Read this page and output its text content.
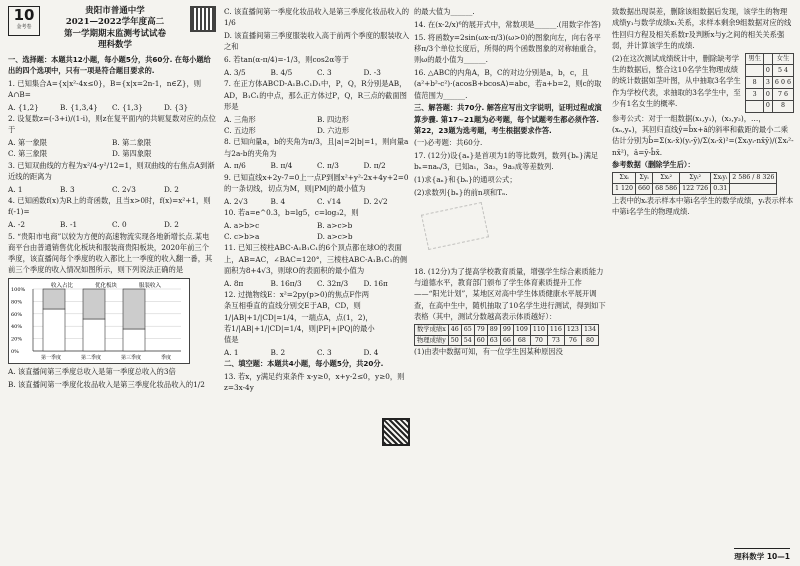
10
金考卷
贵阳市普通中学
2021—2022学年度高二
第一学期期末监测考试试卷
理科数学

一、选择题：本题共12小题，每小题5分，共60分. 在每小题给出的四个选项中，只有一项是符合题目要求的.

1. 已知集合A={x|x²-4x≤0}，B={x|x=2n-1，n∈Z}，则A∩B=

A. {1,2}	B. {1,3,4}	C. {1,3}	D. {3}

2. 设复数z=(-3+i)/(1-i)，则z在复平面内的共轭复数对应的点位于

A. 第一象限	B. 第二象限
C. 第三象限	D. 第四象限

3. 已知双曲线的方程为x²/4-y²/12=1，则双曲线的右焦点A到渐近线的距离为

A. 1	B. 3	C. 2√3	D. 2

4. 已知函数f(x)为R上的奇函数，且当x>0时，f(x)=x²+1，则f(-1)=

A. -2	B. -1	C. 0	D. 2

5. “贵阳市电商”以较为方便的高速物流实现各地新增长点.某电商平台由普通销售优化板块和服装商贵阳板块，2020年前三个季度，该直播间每个季度的收入都比上一季度的收入翻一番，其前三个季度的收入情况如图所示，则下列说法正确的是

100%
80%
60%
40%
20%
0%
收入占比	优化板块	服装收入
第一季度	第二季度	第三季度	季度

A. 该直播间第三季度总收入是第一季度总收入的3倍

B. 该直播间第一季度化妆品收入是第三季度化妆品收入的1/2

C. 该直播间第一季度化妆品收入是第三季度化妆品收入的1/6

D. 该直播间第三季度服装收入高于前两个季度的服装收入之和

6. 若tan(α-π/4)=-1/3，则cos2α等于

A. 3/5	B. 4/5	C. 3	D. -3

7. 在正方体ABCD-A₁B₁C₁D₁中，P，Q，R分别是AB，AD，B₁C₁的中点，那么正方体过P，Q，R三点的截面图形是

A. 三角形	B. 四边形
C. 五边形	D. 六边形

8. 已知向量a，b的夹角为π/3，且|a|=2|b|=1，则向量a与2a-b的夹角为

A. π/6	B. π/4	C. π/3	D. π/2

9. 已知直线x+2y-7=0上一点P到圆x²+y²-2x+4y+2=0的一条切线，切点为M，则|PM|的最小值为

A. 2√3	B. 4	C. √14	D. 2√2

10. 若a=e^0.3，b=lg5，c=log₃2，则

A. a>b>c	B. a>c>b
C. c>b>a	D. a>c>b

11. 已知三棱柱ABC-A₁B₁C₁的6个顶点都在球O的表面上，AB=AC，∠BAC=120°，三棱柱ABC-A₁B₁C₁的侧面积为8+4√3，则球O的表面积的最小值为

A. 8π	B. 16π/3	C. 32π/3	D. 16π

12. 过抛物线E：x²=2py(p>0)的焦点F作两条互相垂直的直线分别交E于AB，CD，则1/|AB|+1/|CD|=1/4，一端点A，点(1，2)，若1/|AB|+1/|CD|=1/4，则|PF|+|PQ|的最小值是

A. 1	B. 2	C. 3	D. 4

二、填空题：本题共4小题，每小题5分，共20分.

13. 若x，y满足约束条件 x-y≥0，x+y-2≤0，y≥0，则z=3x-4y

的最大值为______.

14. 在(x-2/x)⁶的展开式中，常数项是______.(用数字作答)

15. 将函数y=2sin(ωx-π/3)(ω>0)的图象向左，向右各平移π/3个单位长度后，所得的两个函数图象的对称轴重合，则ω的最小值为______.

16. △ABC的内角A，B，C的对边分别是a，b，c，且(a²+b²-c²)·(acosB+bcosA)=abc，若a+b=2，则c的取值范围为______.

三、解答题：共70分. 解答应写出文字说明，证明过程或演算步骤. 第17~21题为必考题，每个试题考生都必须作答. 第22，23题为选考题，考生根据要求作答.

(一)必考题：共60分.

17. (12分)设{aₙ}是首项为1的等比数列，数列{bₙ}满足bₙ=naₙ/3，已知a₁，3a₂，9a₃成等差数列.

(1)求{aₙ}和{bₙ}的通项公式；

(2)求数列{bₙ}的前n项和Tₙ.

18. (12分)为了提高学校教育质量，增强学生综合素质能力与道德水平，教育部门颁布了学生体育素质提升工作——“阳光计划”，某地区对高中学生体质健康水平展开调查，在高中生中，随机抽取了10名学生进行测试，得到如下表格（其中，测试分数越高表示体质越好）：

数学成绩x	46	65	79	89	99	109	110	116	123	134
物理成绩y	50	54	60	63	66	68	70	73	76	80

(1)由表中数据可知，有一位学生因某种原因没

致数据出现误差，删除该组数据后发现，该学生的物理成绩y₁与数学成绩x₁关系，求样本剩余9组数据对应的线性回归方程及相关系数r及判断x与y之间的相关关系强弱，并计算该学生的成绩.

(2)在这次测试成绩统计中，删除缺考学生的数据后，整合这10名学生物理成绩的统计数据如茎叶图，从中抽取3名学生作为学校代表，求抽取的3名学生中，至少有1名女生的概率.

男生		女生
	0	5 4
8	3	6 0 6
3	0	7 6
	0	8

参考公式：对于一组数据(x₁,y₁)，(x₂,y₂)，…，(xₙ,yₙ)，其回归直线ŷ=b̂x+â的斜率和截距的最小二乘估计分别为b̂=Σ(xᵢ-x̄)(yᵢ-ȳ)/Σ(xᵢ-x̄)²=(Σxᵢyᵢ-nx̄ȳ)/(Σxᵢ²-nx̄²)，â=ȳ-b̂x̄.

参考数据（删除学生后）：

Σxᵢ	Σyᵢ	Σxᵢ²	Σyᵢ²	Σxᵢyᵢ	2 586 / 8 326
1 120	660	68 586	122 726	0.31	

上表中的xᵢ表示样本中第i名学生的数学成绩，yᵢ表示样本中第i名学生的物理成绩.

理科数学 10—1
